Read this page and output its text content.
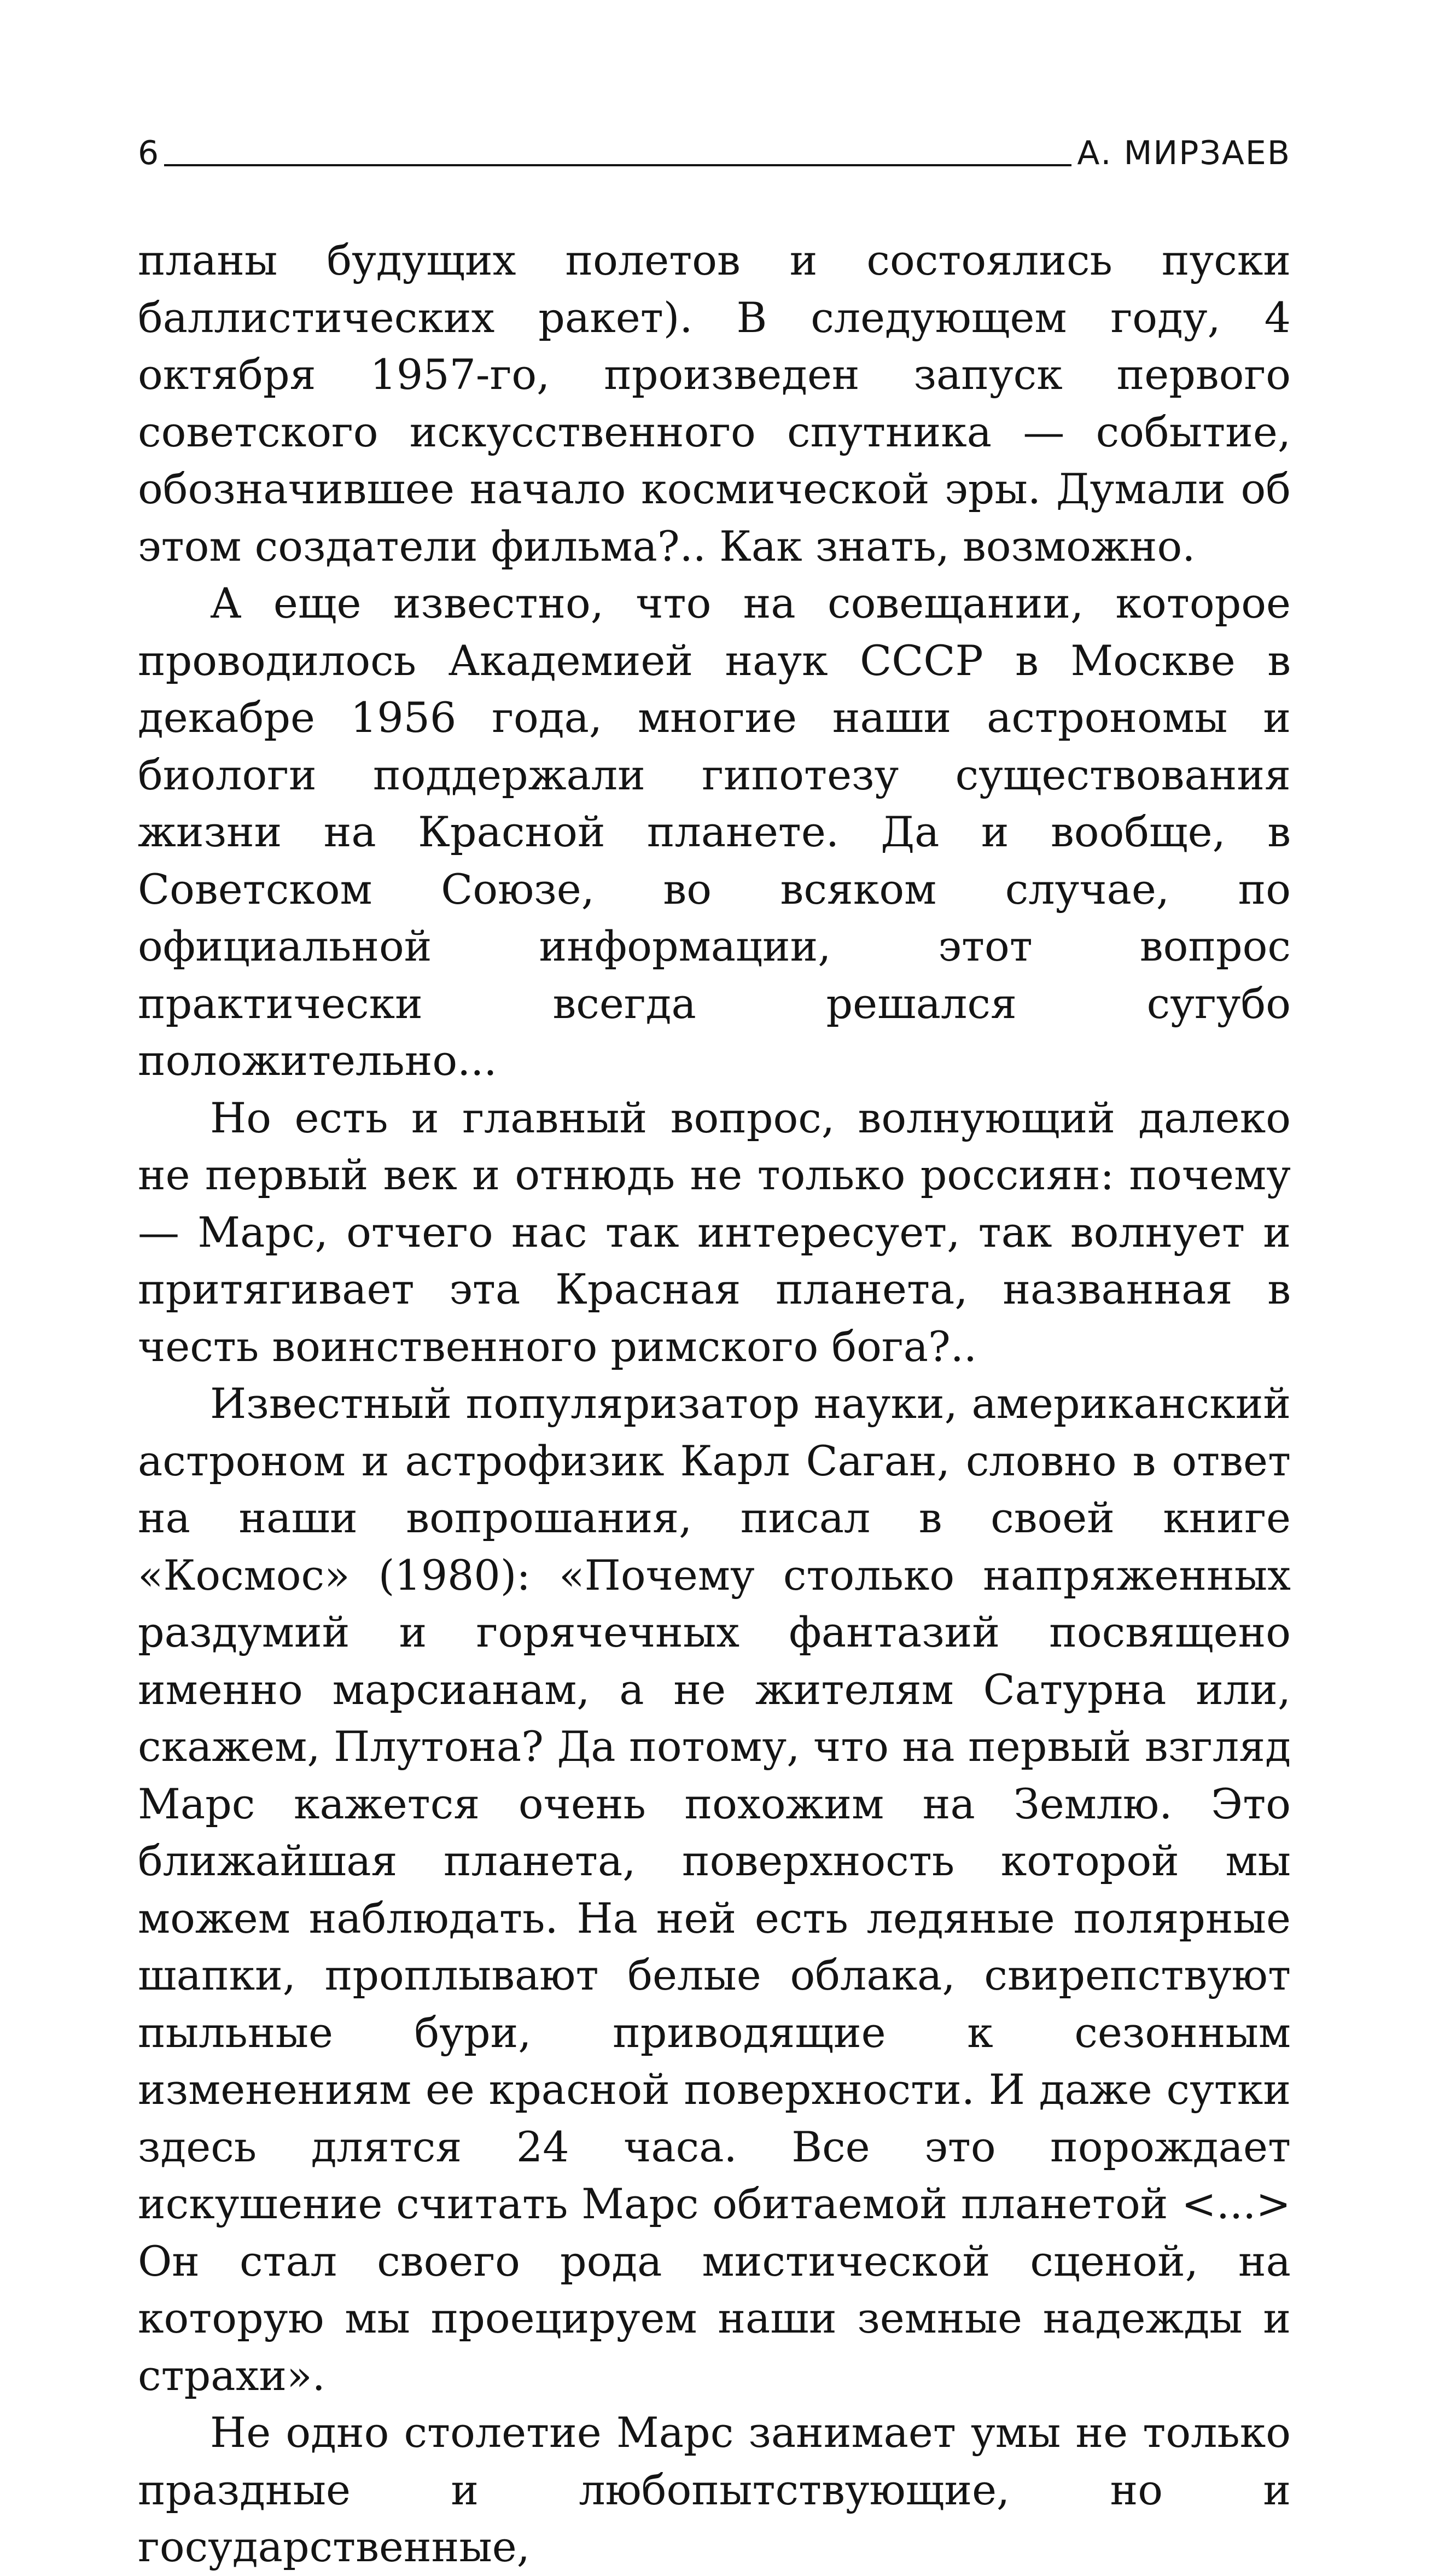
6	А. МИРЗАЕВ

планы будущих полетов и состоялись пуски баллистических ракет). В следующем году, 4 октября 1957-го, произведен запуск первого советского искусственного спутника — событие, обозначившее начало космической эры. Думали об этом создатели фильма?.. Как знать, возможно.

А еще известно, что на совещании, которое проводилось Академией наук СССР в Москве в декабре 1956 года, многие наши астрономы и биологи поддержали гипотезу существования жизни на Красной планете. Да и вообще, в Советском Союзе, во всяком случае, по официальной информации, этот вопрос практически всегда решался сугубо положительно...

Но есть и главный вопрос, волнующий далеко не первый век и отнюдь не только россиян: почему — Марс, отчего нас так интересует, так волнует и притягивает эта Красная планета, названная в честь воинственного римского бога?..

Известный популяризатор науки, американский астроном и астрофизик Карл Саган, словно в ответ на наши вопрошания, писал в своей книге «Космос» (1980): «Почему столько напряженных раздумий и горячечных фантазий посвящено именно марсианам, а не жителям Сатурна или, скажем, Плутона? Да потому, что на первый взгляд Марс кажется очень похожим на Землю. Это ближайшая планета, поверхность которой мы можем наблюдать. На ней есть ледяные полярные шапки, проплывают белые облака, свирепствуют пыльные бури, приводящие к сезонным изменениям ее красной поверхности. И даже сутки здесь длятся 24 часа. Все это порождает искушение считать Марс обитаемой планетой <...> Он стал своего рода мистической сценой, на которую мы проецируем наши земные надежды и страхи».

Не одно столетие Марс занимает умы не только праздные и любопытствующие, но и государственные,
